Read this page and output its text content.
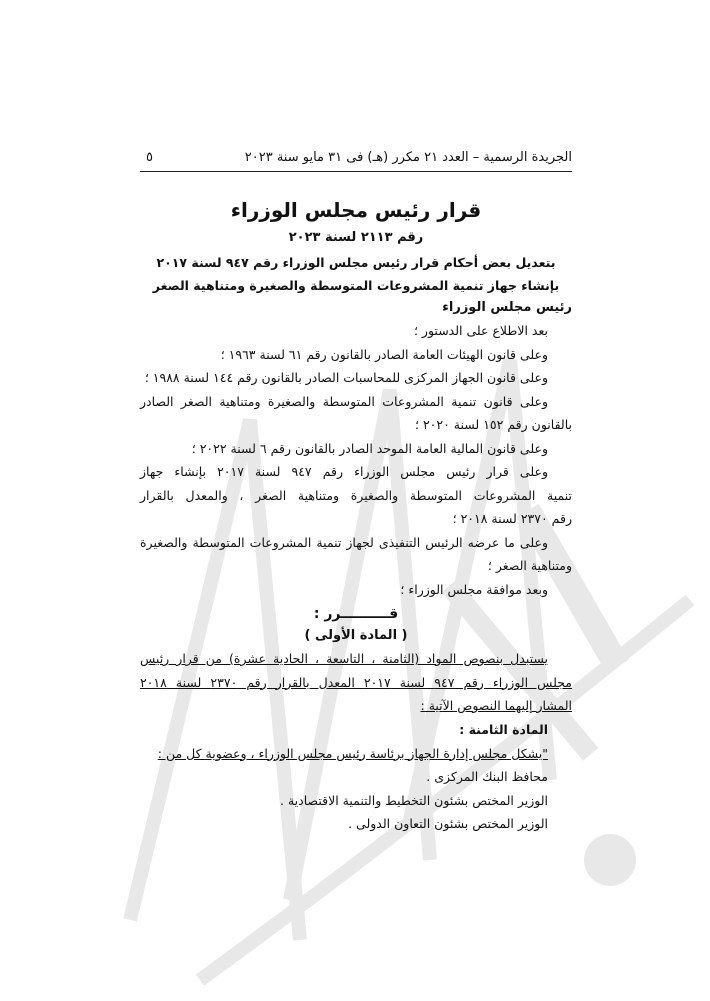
الجريدة الرسمية – العدد ٢١ مكرر (هـ) فى ٣١ مايو سنة ٢٠٢٣
٥
قرار رئيس مجلس الوزراء
رقم ٢١١٣ لسنة ٢٠٢٣
بتعديل بعض أحكام قرار رئيس مجلس الوزراء رقم ٩٤٧ لسنة ٢٠١٧
بإنشاء جهاز تنمية المشروعات المتوسطة والصغيرة ومتناهية الصغر
رئيس مجلس الوزراء
بعد الاطلاع على الدستور ؛
وعلى قانون الهيئات العامة الصادر بالقانون رقم ٦١ لسنة ١٩٦٣ ؛
وعلى قانون الجهاز المركزى للمحاسبات الصادر بالقانون رقم ١٤٤ لسنة ١٩٨٨ ؛
وعلى قانون تنمية المشروعات المتوسطة والصغيرة ومتناهية الصغر الصادر
بالقانون رقم ١٥٢ لسنة ٢٠٢٠ ؛
وعلى قانون المالية العامة الموحد الصادر بالقانون رقم ٦ لسنة ٢٠٢٢ ؛
وعلى قرار رئيس مجلس الوزراء رقم ٩٤٧ لسنة ٢٠١٧ بإنشاء جهاز
تنمية المشروعات المتوسطة والصغيرة ومتناهية الصغر ، والمعدل بالقرار
رقم ٢٣٧٠ لسنة ٢٠١٨ ؛
وعلى ما عرضه الرئيس التنفيذى لجهاز تنمية المشروعات المتوسطة والصغيرة
ومتناهية الصغر ؛
وبعد موافقة مجلس الوزراء ؛
قــــــــــرر :
( المادة الأولى )
يستبدل بنصوص المواد (الثامنة ، التاسعة ، الحادية عشرة) من قرار رئيس
مجلس الوزراء رقم ٩٤٧ لسنة ٢٠١٧ المعدل بالقرار رقم ٢٣٧٠ لسنة ٢٠١٨
المشار إليهما النصوص الآتية :
المادة الثامنة :
"يشكل مجلس إدارة الجهاز برئاسة رئيس مجلس الوزراء ، وعضوية كل من :
محافظ البنك المركزى .
الوزير المختص بشئون التخطيط والتنمية الاقتصادية .
الوزير المختص بشئون التعاون الدولى .
